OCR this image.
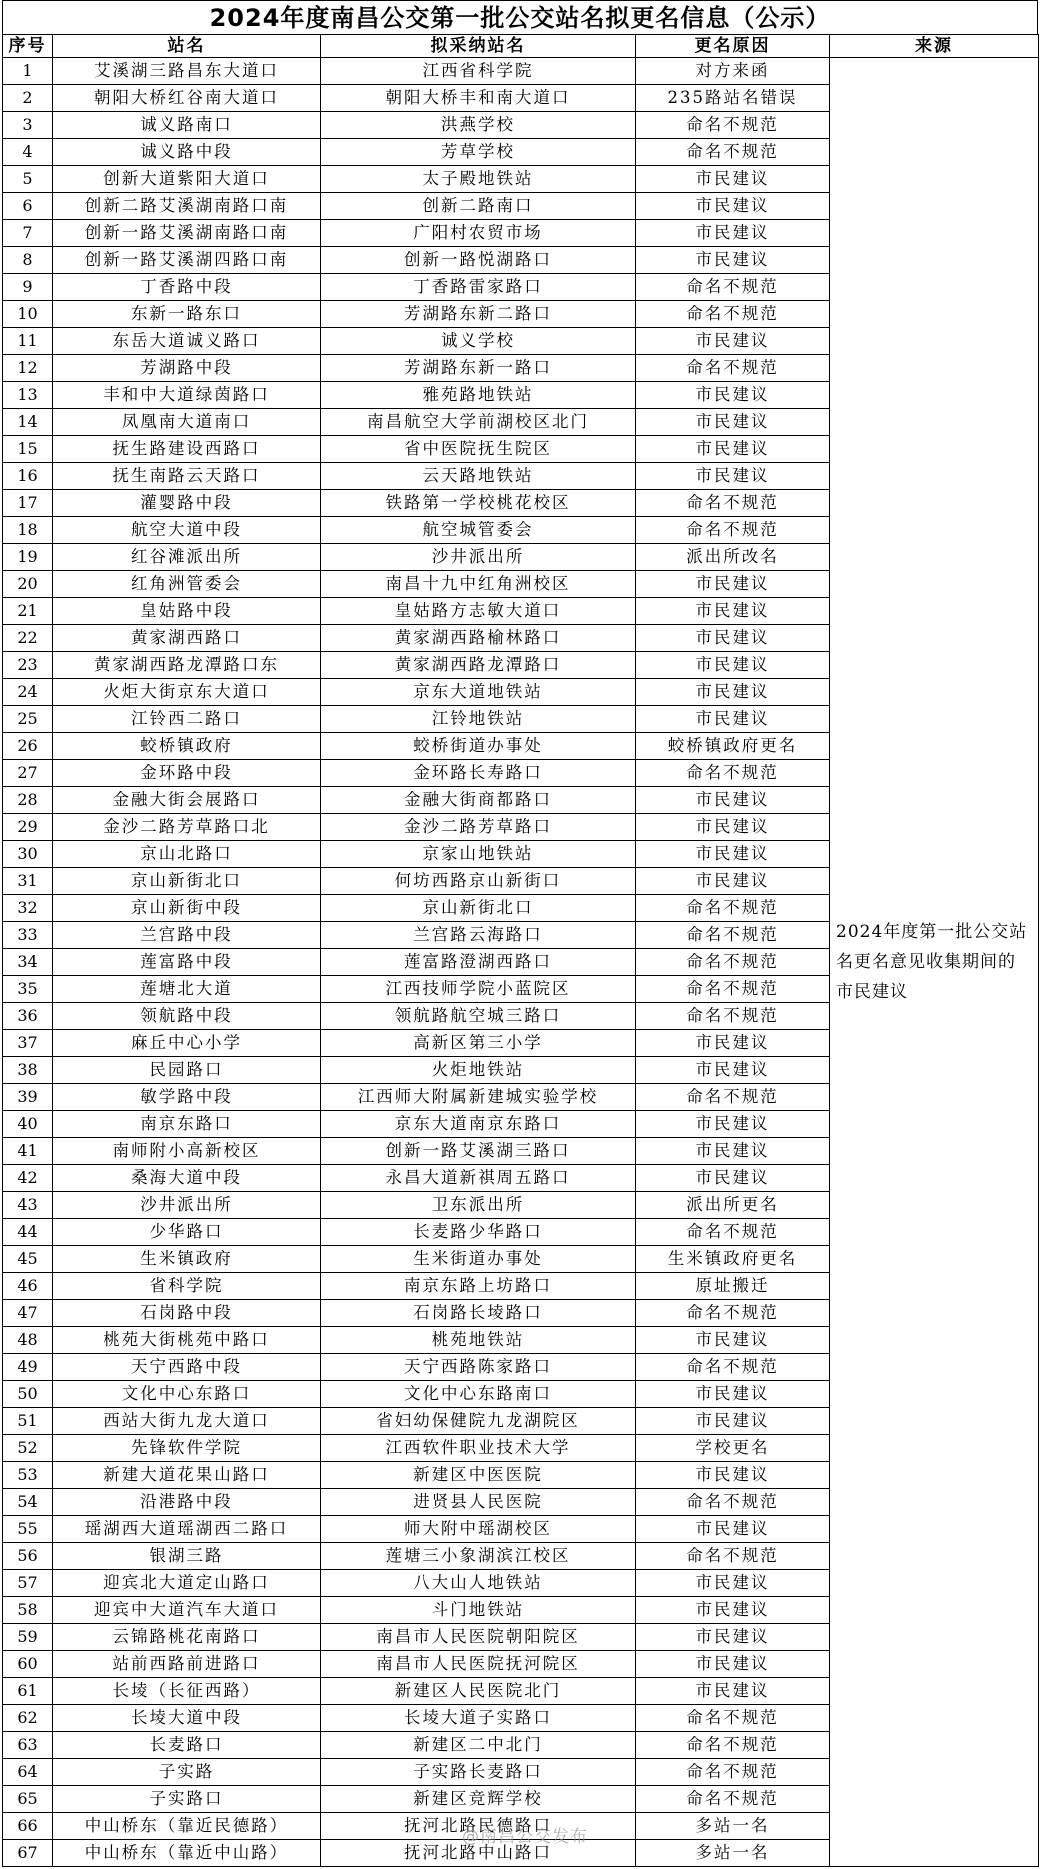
2024年度南昌公交第一批公交站名拟更名信息（公示）
序号	站名	拟采纳站名	更名原因	来源
1	艾溪湖三路昌东大道口	江西省科学院	对方来函	2024年度第一批公交站名更名意见收集期间的市民建议
2	朝阳大桥红谷南大道口	朝阳大桥丰和南大道口	235路站名错误	
3	诚义路南口	洪燕学校	命名不规范	
4	诚义路中段	芳草学校	命名不规范	
5	创新大道紫阳大道口	太子殿地铁站	市民建议	
6	创新二路艾溪湖南路口南	创新二路南口	市民建议	
7	创新一路艾溪湖南路口南	广阳村农贸市场	市民建议	
8	创新一路艾溪湖四路口南	创新一路悦湖路口	市民建议	
9	丁香路中段	丁香路雷家路口	命名不规范	
10	东新一路东口	芳湖路东新二路口	命名不规范	
11	东岳大道诚义路口	诚义学校	市民建议	
12	芳湖路中段	芳湖路东新一路口	命名不规范	
13	丰和中大道绿茵路口	雅苑路地铁站	市民建议	
14	凤凰南大道南口	南昌航空大学前湖校区北门	市民建议	
15	抚生路建设西路口	省中医院抚生院区	市民建议	
16	抚生南路云天路口	云天路地铁站	市民建议	
17	灌婴路中段	铁路第一学校桃花校区	命名不规范	
18	航空大道中段	航空城管委会	命名不规范	
19	红谷滩派出所	沙井派出所	派出所改名	
20	红角洲管委会	南昌十九中红角洲校区	市民建议	
21	皇姑路中段	皇姑路方志敏大道口	市民建议	
22	黄家湖西路口	黄家湖西路榆林路口	市民建议	
23	黄家湖西路龙潭路口东	黄家湖西路龙潭路口	市民建议	
24	火炬大街京东大道口	京东大道地铁站	市民建议	
25	江铃西二路口	江铃地铁站	市民建议	
26	蛟桥镇政府	蛟桥街道办事处	蛟桥镇政府更名	
27	金环路中段	金环路长寿路口	命名不规范	
28	金融大街会展路口	金融大街商都路口	市民建议	
29	金沙二路芳草路口北	金沙二路芳草路口	市民建议	
30	京山北路口	京家山地铁站	市民建议	
31	京山新街北口	何坊西路京山新街口	市民建议	
32	京山新街中段	京山新街北口	命名不规范	
33	兰宫路中段	兰宫路云海路口	命名不规范	
34	莲富路中段	莲富路澄湖西路口	命名不规范	
35	莲塘北大道	江西技师学院小蓝院区	命名不规范	
36	领航路中段	领航路航空城三路口	命名不规范	
37	麻丘中心小学	高新区第三小学	市民建议	
38	民园路口	火炬地铁站	市民建议	
39	敏学路中段	江西师大附属新建城实验学校	命名不规范	
40	南京东路口	京东大道南京东路口	市民建议	
41	南师附小高新校区	创新一路艾溪湖三路口	市民建议	
42	桑海大道中段	永昌大道新祺周五路口	市民建议	
43	沙井派出所	卫东派出所	派出所更名	
44	少华路口	长麦路少华路口	命名不规范	
45	生米镇政府	生米街道办事处	生米镇政府更名	
46	省科学院	南京东路上坊路口	原址搬迁	
47	石岗路中段	石岗路长堎路口	命名不规范	
48	桃苑大街桃苑中路口	桃苑地铁站	市民建议	
49	天宁西路中段	天宁西路陈家路口	命名不规范	
50	文化中心东路口	文化中心东路南口	市民建议	
51	西站大街九龙大道口	省妇幼保健院九龙湖院区	市民建议	
52	先锋软件学院	江西软件职业技术大学	学校更名	
53	新建大道花果山路口	新建区中医医院	市民建议	
54	沿港路中段	进贤县人民医院	命名不规范	
55	瑶湖西大道瑶湖西二路口	师大附中瑶湖校区	市民建议	
56	银湖三路	莲塘三小象湖滨江校区	命名不规范	
57	迎宾北大道定山路口	八大山人地铁站	市民建议	
58	迎宾中大道汽车大道口	斗门地铁站	市民建议	
59	云锦路桃花南路口	南昌市人民医院朝阳院区	市民建议	
60	站前西路前进路口	南昌市人民医院抚河院区	市民建议	
61	长堎（长征西路）	新建区人民医院北门	市民建议	
62	长堎大道中段	长堎大道子实路口	命名不规范	
63	长麦路口	新建区二中北门	命名不规范	
64	子实路	子实路长麦路口	命名不规范	
65	子实路口	新建区竞辉学校	命名不规范	
66	中山桥东（靠近民德路）	抚河北路民德路口	多站一名	
67	中山桥东（靠近中山路）	抚河北路中山路口	多站一名	
@南昌公交发布
